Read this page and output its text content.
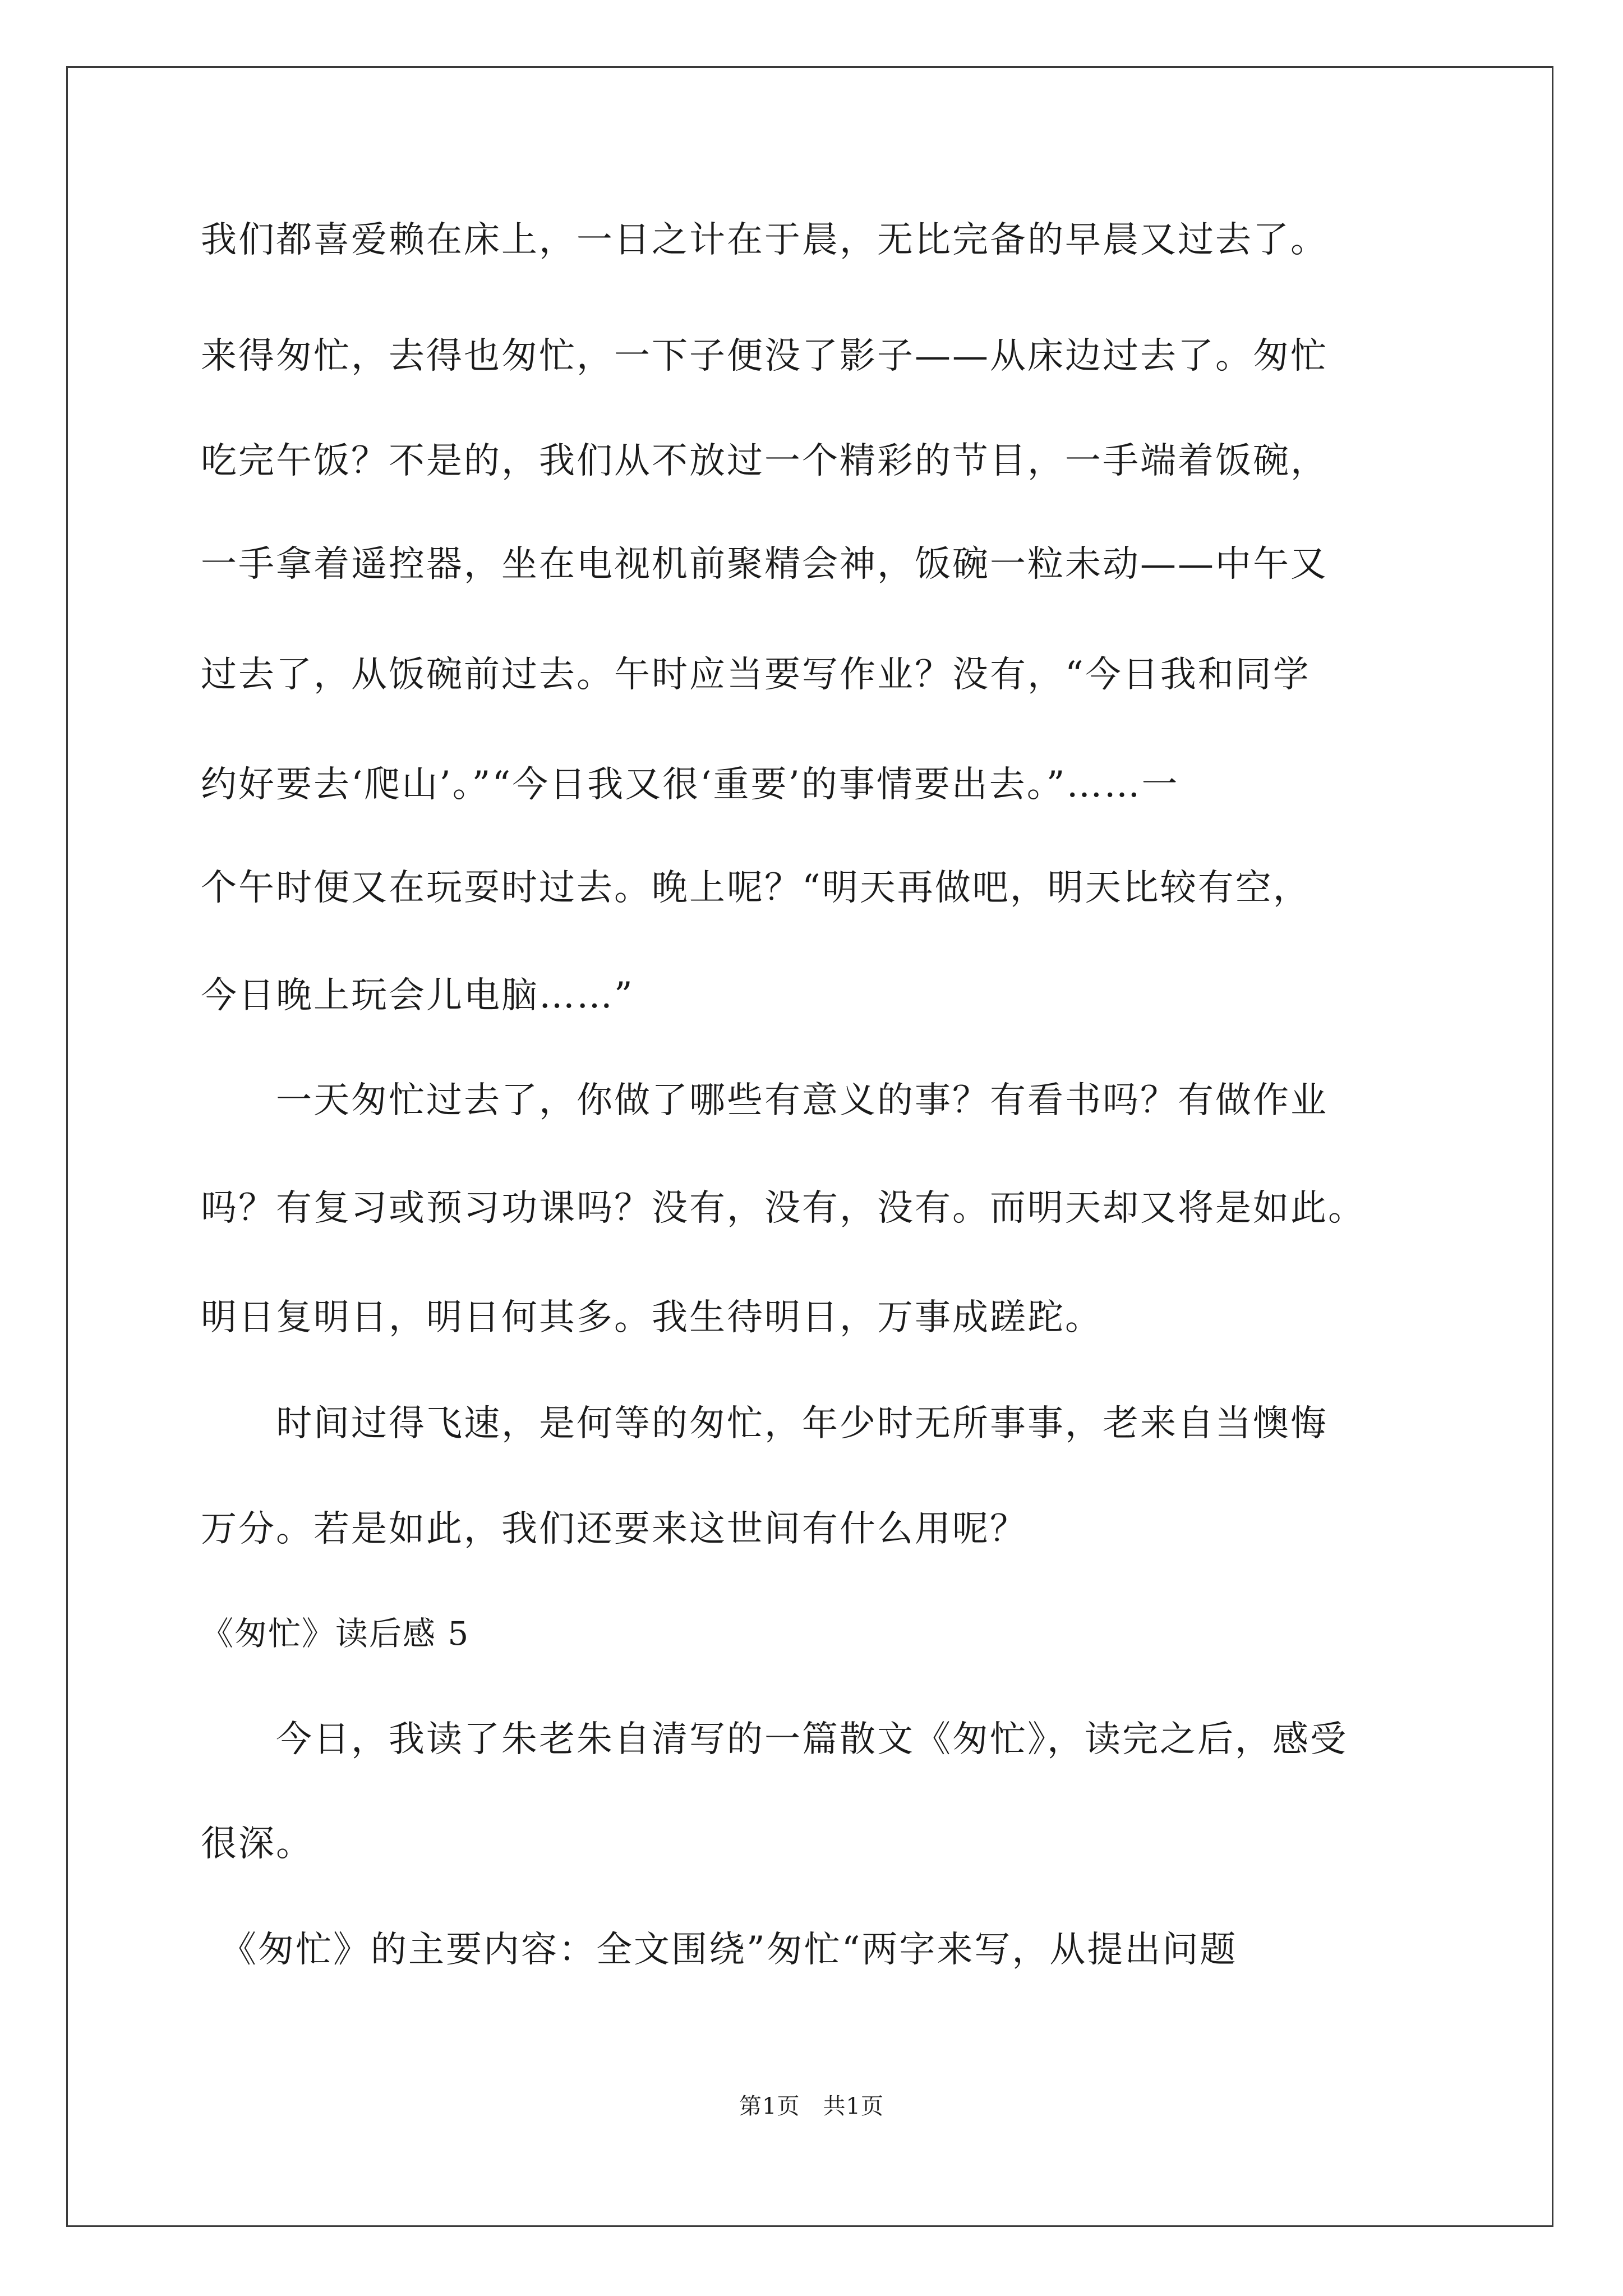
我们都喜爱赖在床上，一日之计在于晨，无比完备的早晨又过去了。
来得匆忙，去得也匆忙，一下子便没了影子——从床边过去了。匆忙
吃完午饭？不是的，我们从不放过一个精彩的节目，一手端着饭碗，
一手拿着遥控器，坐在电视机前聚精会神，饭碗一粒未动——中午又
过去了，从饭碗前过去。午时应当要写作业？没有，“今日我和同学
约好要去‘爬山’。”“今日我又很‘重要’的事情要出去。”……一
个午时便又在玩耍时过去。晚上呢？“明天再做吧，明天比较有空，
今日晚上玩会儿电脑……”
　　一天匆忙过去了，你做了哪些有意义的事？有看书吗？有做作业
吗？有复习或预习功课吗？没有，没有，没有。而明天却又将是如此。
明日复明日，明日何其多。我生待明日，万事成蹉跎。
　　时间过得飞速，是何等的匆忙，年少时无所事事，老来自当懊悔
万分。若是如此，我们还要来这世间有什么用呢？
《匆忙》读后感 5
　　今日，我读了朱老朱自清写的一篇散文《匆忙》，读完之后，感受
很深。
　《匆忙》的主要内容：全文围绕”匆忙“两字来写，从提出问题
第1页　共1页
